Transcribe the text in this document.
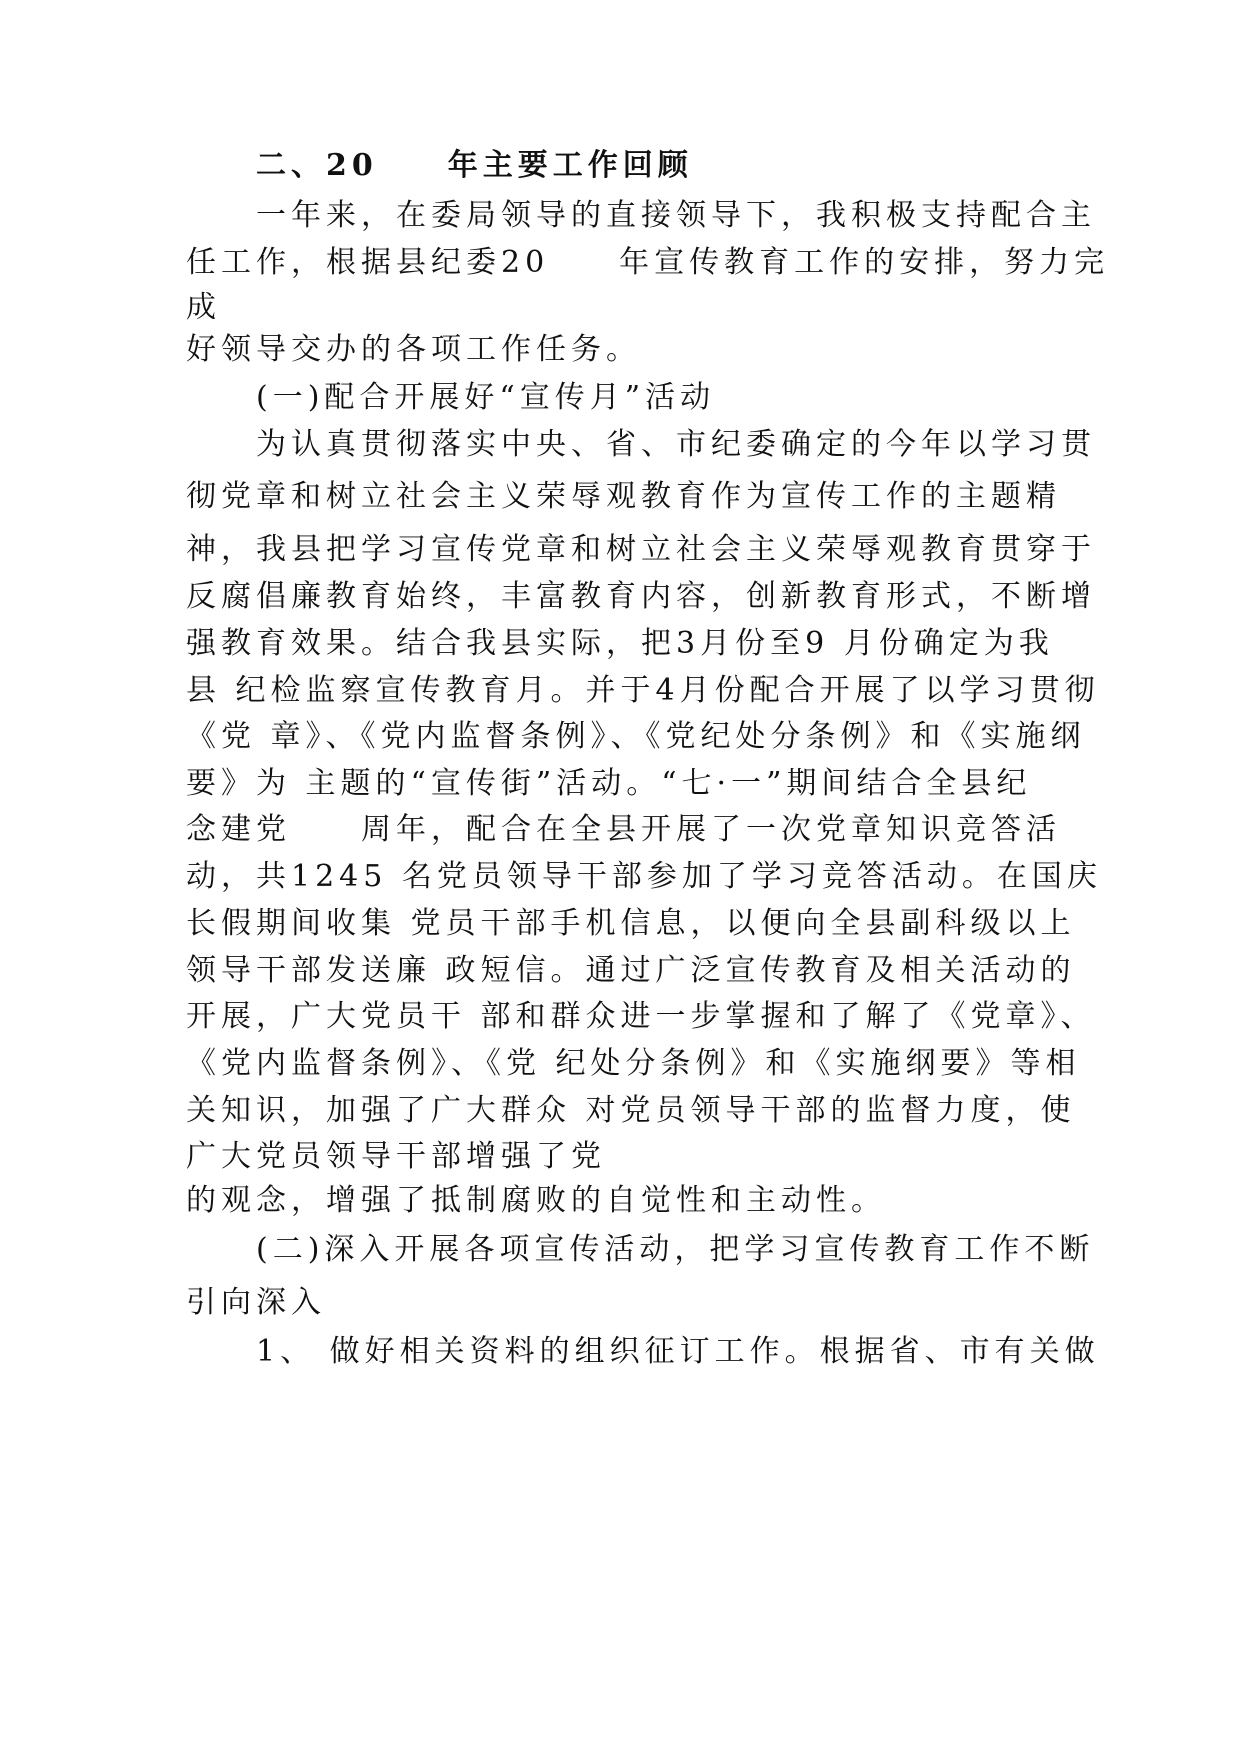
二、20　　年主要工作回顾

一年来，在委局领导的直接领导下，我积极支持配合主

任工作，根据县纪委20　　年宣传教育工作的安排，努力完

成

好领导交办的各项工作任务。

(一)配合开展好“宣传月”活动

为认真贯彻落实中央、省、市纪委确定的今年以学习贯

彻党章和树立社会主义荣辱观教育作为宣传工作的主题精

神，我县把学习宣传党章和树立社会主义荣辱观教育贯穿于

反腐倡廉教育始终，丰富教育内容，创新教育形式，不断增

强教育效果。结合我县实际，把3月份至9 月份确定为我

县 纪检监察宣传教育月。并于4月份配合开展了以学习贯彻

《党 章》、《党内监督条例》、《党纪处分条例》和《实施纲

要》为 主题的“宣传街”活动。“七·一”期间结合全县纪

念建党　　周年，配合在全县开展了一次党章知识竞答活

动，共1245 名党员领导干部参加了学习竞答活动。在国庆

长假期间收集 党员干部手机信息，以便向全县副科级以上

领导干部发送廉 政短信。通过广泛宣传教育及相关活动的

开展，广大党员干 部和群众进一步掌握和了解了《党章》、

《党内监督条例》、《党 纪处分条例》和《实施纲要》等相

关知识，加强了广大群众 对党员领导干部的监督力度，使

广大党员领导干部增强了党

的观念，增强了抵制腐败的自觉性和主动性。

(二)深入开展各项宣传活动，把学习宣传教育工作不断

引向深入

1、 做好相关资料的组织征订工作。根据省、市有关做
